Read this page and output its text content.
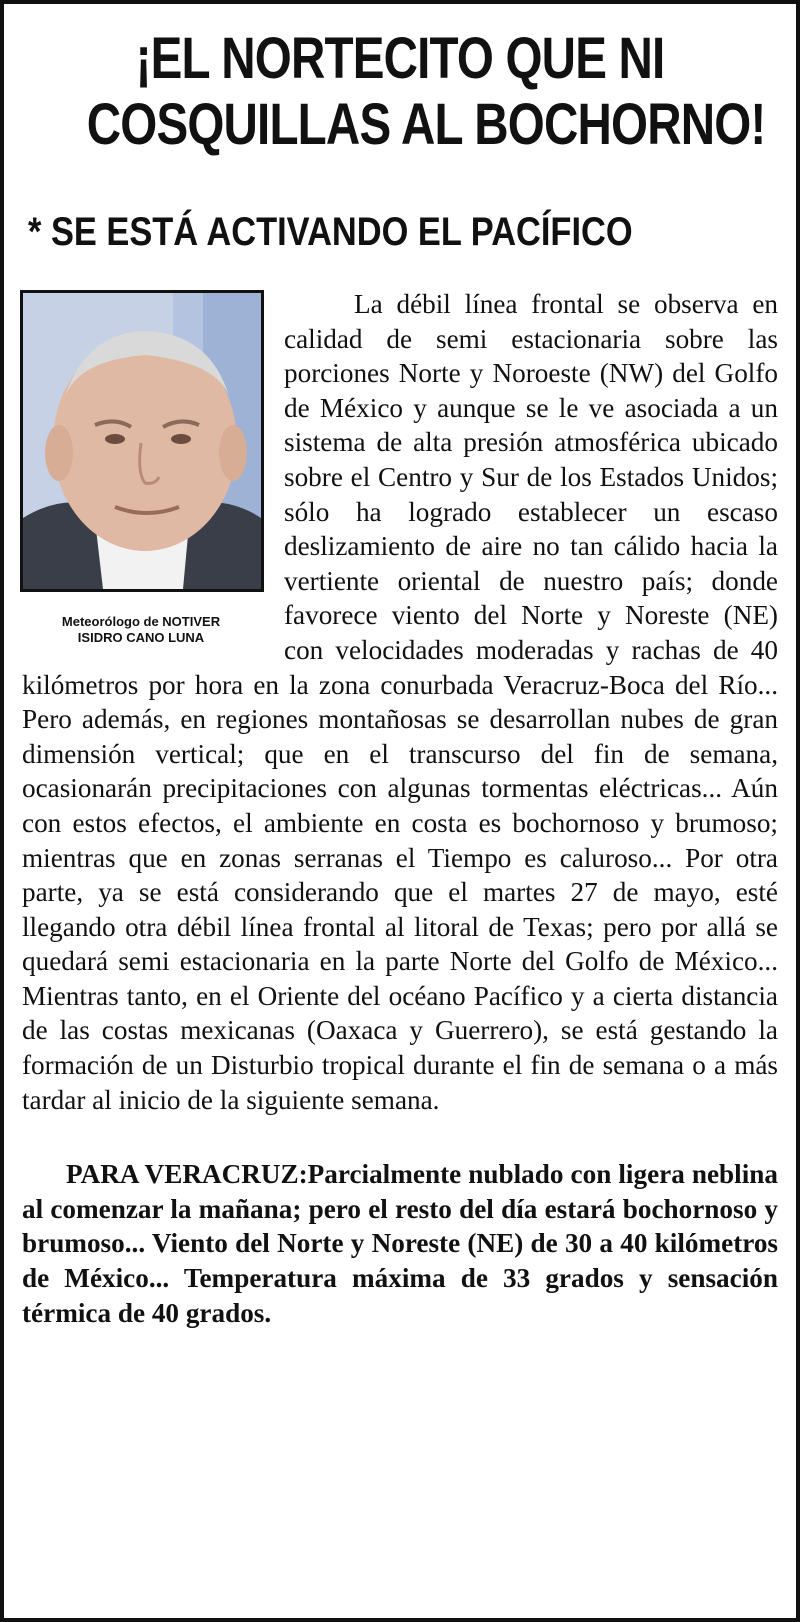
¡EL NORTECITO QUE NI
COSQUILLAS AL BOCHORNO!
* SE ESTÁ ACTIVANDO EL PACÍFICO
Meteorólogo de NOTIVER
ISIDRO CANO LUNA

La débil línea frontal se observa en calidad de semi estacionaria sobre las porciones Norte y Noroeste (NW) del Golfo de México y aunque se le ve asociada a un sistema de alta presión atmosférica ubicado sobre el Centro y Sur de los Estados Unidos; sólo ha logrado establecer un escaso deslizamiento de aire no tan cálido hacia la vertiente oriental de nuestro país; donde favorece viento del Norte y Noreste (NE) con velocidades moderadas y rachas de 40 kilómetros por hora en la zona conurbada Veracruz-Boca del Río... Pero además, en regiones montañosas se desarrollan nubes de gran dimensión vertical; que en el transcurso del fin de semana, ocasionarán precipitaciones con algunas tormentas eléctricas... Aún con estos efectos, el ambiente en costa es bochornoso y brumoso; mientras que en zonas serranas el Tiempo es caluroso... Por otra parte, ya se está considerando que el martes 27 de mayo, esté llegando otra débil línea frontal al litoral de Texas; pero por allá se quedará semi estacionaria en la parte Norte del Golfo de México... Mientras tanto, en el Oriente del océano Pacífico y a cierta distancia de las costas mexicanas (Oaxaca y Guerrero), se está gestando la formación de un Disturbio tropical durante el fin de semana o a más tardar al inicio de la siguiente semana.

PARA VERACRUZ:Parcialmente nublado con ligera neblina al comenzar la mañana; pero el resto del día estará bochornoso y brumoso... Viento del Norte y Noreste (NE) de 30 a 40 kilómetros de México... Temperatura máxima de 33 grados y sensación térmica de 40 grados.
